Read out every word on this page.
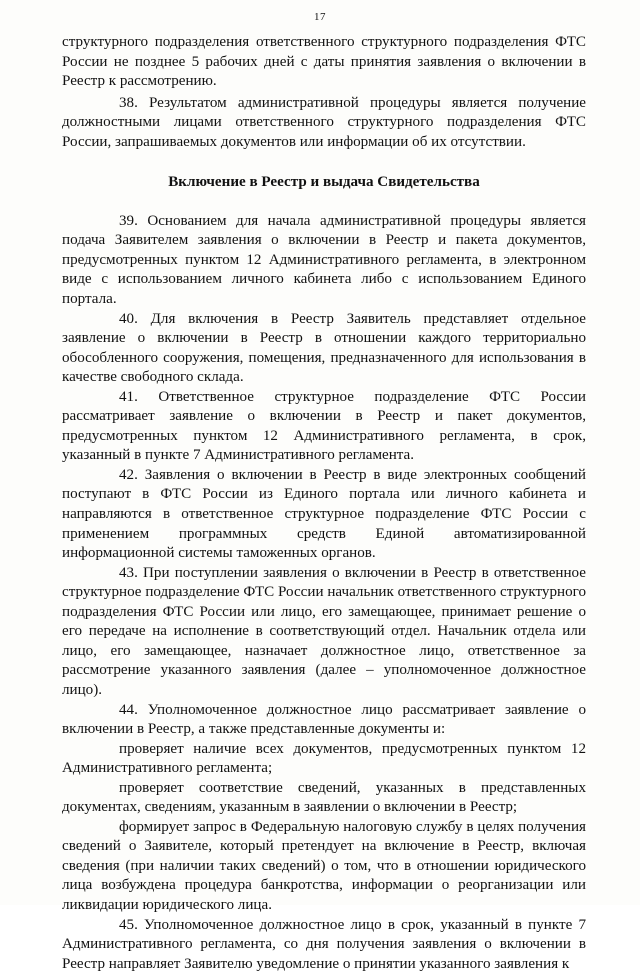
17

структурного подразделения ответственного структурного подразделения ФТС России не позднее 5 рабочих дней с даты принятия заявления о включении в Реестр к рассмотрению.

38. Результатом административной процедуры является получение должностными лицами ответственного структурного подразделения ФТС России, запрашиваемых документов или информации об их отсутствии.

Включение в Реестр и выдача Свидетельства

39. Основанием для начала административной процедуры является подача Заявителем заявления о включении в Реестр и пакета документов, предусмотренных пунктом 12 Административного регламента, в электронном виде с использованием личного кабинета либо с использованием Единого портала.

40. Для включения в Реестр Заявитель представляет отдельное заявление о включении в Реестр в отношении каждого территориально обособленного сооружения, помещения, предназначенного для использования в качестве свободного склада.

41. Ответственное структурное подразделение ФТС России рассматривает заявление о включении в Реестр и пакет документов, предусмотренных пунктом 12 Административного регламента, в срок, указанный в пункте 7 Административного регламента.

42. Заявления о включении в Реестр в виде электронных сообщений поступают в ФТС России из Единого портала или личного кабинета и направляются в ответственное структурное подразделение ФТС России с применением программных средств Единой автоматизированной информационной системы таможенных органов.

43. При поступлении заявления о включении в Реестр в ответственное структурное подразделение ФТС России начальник ответственного структурного подразделения ФТС России или лицо, его замещающее, принимает решение о его передаче на исполнение в соответствующий отдел. Начальник отдела или лицо, его замещающее, назначает должностное лицо, ответственное за рассмотрение указанного заявления (далее – уполномоченное должностное лицо).

44. Уполномоченное должностное лицо рассматривает заявление о включении в Реестр, а также представленные документы и:

проверяет наличие всех документов, предусмотренных пунктом 12 Административного регламента;

проверяет соответствие сведений, указанных в представленных документах, сведениям, указанным в заявлении о включении в Реестр;

формирует запрос в Федеральную налоговую службу в целях получения сведений о Заявителе, который претендует на включение в Реестр, включая сведения (при наличии таких сведений) о том, что в отношении юридического лица возбуждена процедура банкротства, информации о реорганизации или ликвидации юридического лица.

45. Уполномоченное должностное лицо в срок, указанный в пункте 7 Административного регламента, со дня получения заявления о включении в Реестр направляет Заявителю уведомление о принятии указанного заявления к
